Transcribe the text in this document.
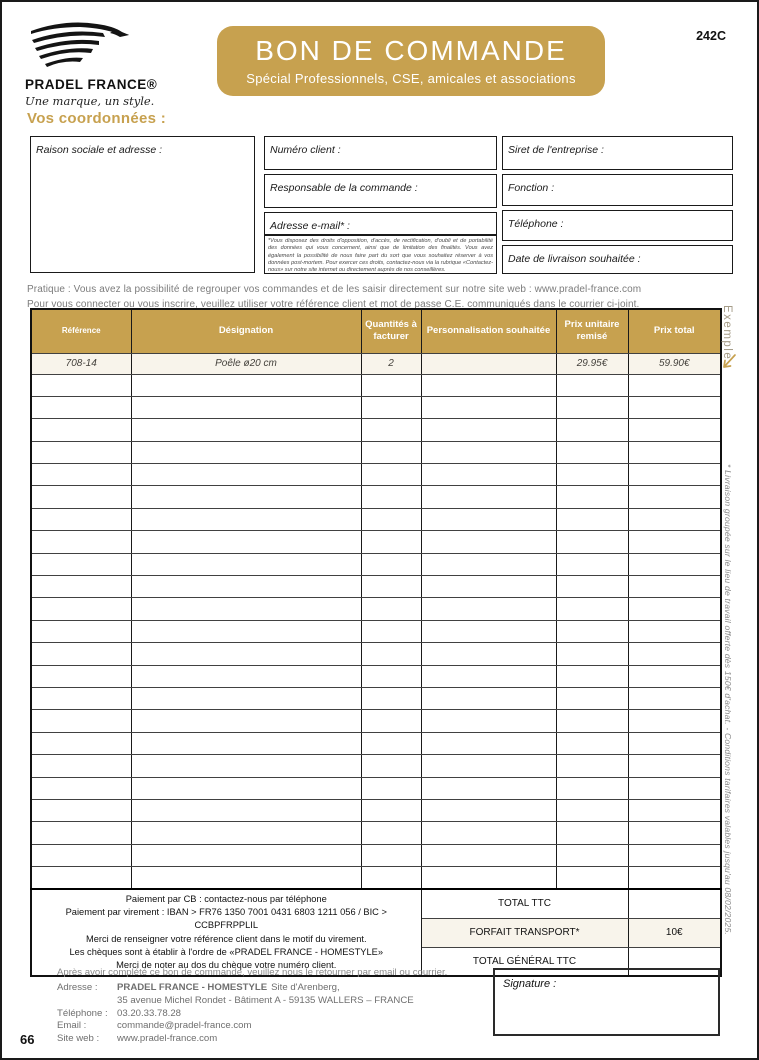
PRADEL FRANCE®
Une marque, un style.
BON DE COMMANDE
Spécial Professionnels, CSE, amicales et associations
242C
Vos coordonnées :
Raison sociale et adresse :	Numéro client :
Responsable de la commande :
Adresse e-mail* :
*Vous disposez des droits d'opposition, d'accès, de rectification, d'oubli et de portabilité des données qui vous concernent, ainsi que de limitation des finalités. Vous avez également la possibilité de nous faire part du sort que vous souhaitez réserver à vos données post-mortem. Pour exercer ces droits, contactez-nous via la rubrique «Contactez-nous» sur notre site internet ou directement auprès de nos conseillères.
Siret de l'entreprise :
Fonction :
Téléphone :
Date de livraison souhaitée :
Pratique : Vous avez la possibilité de regrouper vos commandes et de les saisir directement sur notre site web : www.pradel-france.com
Pour vous connecter ou vous inscrire, veuillez utiliser votre référence client et mot de passe C.E. communiqués dans le courrier ci-joint.
Référence	Désignation	Quantités à facturer	Personnalisation souhaitée	Prix unitaire remisé	Prix total
708-14	Poêle ø20 cm	2		29.95€	59.90€

Paiement par CB : contactez-nous par téléphone
Paiement par virement : IBAN > FR76 1350 7001 0431 6803 1211 056 / BIC > CCBPFRPPLIL
Merci de renseigner votre référence client dans le motif du virement.
Les chèques sont à établir à l'ordre de «PRADEL FRANCE - HOMESTYLE»
Merci de noter au dos du chèque votre numéro client.			TOTAL TTC		
			FORFAIT TRANSPORT*		10€
			TOTAL GÉNÉRAL TTC		
Exemple
* Livraison groupée sur le lieu de travail offerte dès 150€ d'achat. - Conditions tarifaires valables jusqu'au 08/02/2025.
Après avoir complété ce bon de commande, veuillez nous le retourner par email ou courrier.
Adresse :	PRADEL FRANCE - HOMESTYLE Site d'Arenberg,
35 avenue Michel Rondet - Bâtiment A - 59135 WALLERS – FRANCE
Téléphone : 03.20.33.78.28
Email :	commande@pradel-france.com
Site web :	www.pradel-france.com
Signature :
66
